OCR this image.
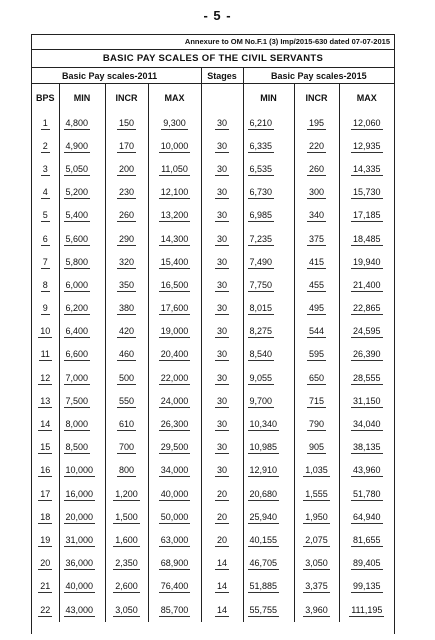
- 5 -
Annexure to OM No.F.1 (3) Imp/2015-630 dated 07-07-2015
BASIC PAY SCALES OF THE CIVIL SERVANTS
Basic Pay scales-2011				Stages	Basic Pay scales-2015		
BPS	MIN	INCR	MAX		MIN	INCR	MAX
1	4,800	150	9,300	30	6,210	195	12,060
2	4,900	170	10,000	30	6,335	220	12,935
3	5,050	200	11,050	30	6,535	260	14,335
4	5,200	230	12,100	30	6,730	300	15,730
5	5,400	260	13,200	30	6,985	340	17,185
6	5,600	290	14,300	30	7,235	375	18,485
7	5,800	320	15,400	30	7,490	415	19,940
8	6,000	350	16,500	30	7,750	455	21,400
9	6,200	380	17,600	30	8,015	495	22,865
10	6,400	420	19,000	30	8,275	544	24,595
11	6,600	460	20,400	30	8,540	595	26,390
12	7,000	500	22,000	30	9,055	650	28,555
13	7,500	550	24,000	30	9,700	715	31,150
14	8,000	610	26,300	30	10,340	790	34,040
15	8,500	700	29,500	30	10,985	905	38,135
16	10,000	800	34,000	30	12,910	1,035	43,960
17	16,000	1,200	40,000	20	20,680	1,555	51,780
18	20,000	1,500	50,000	20	25,940	1,950	64,940
19	31,000	1,600	63,000	20	40,155	2,075	81,655
20	36,000	2,350	68,900	14	46,705	3,050	89,405
21	40,000	2,600	76,400	14	51,885	3,375	99,135
22	43,000	3,050	85,700	14	55,755	3,960	111,195
